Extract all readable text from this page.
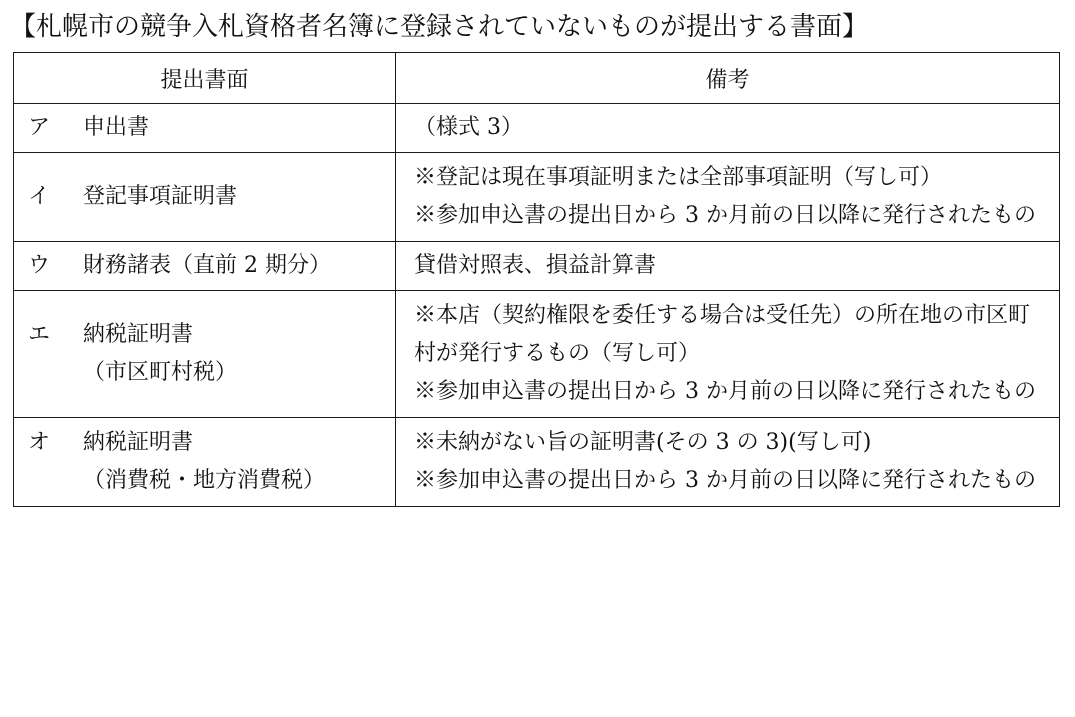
【札幌市の競争入札資格者名簿に登録されていないものが提出する書面】
提出書面	備考

ア 申出書	（様式 3）

イ 登記事項証明書	※登記は現在事項証明または全部事項証明（写し可）
※参加申込書の提出日から 3 か月前の日以降に発行されたもの

ウ 財務諸表（直前 2 期分）	貸借対照表、損益計算書

エ 納税証明書
（市区町村税）	※本店（契約権限を委任する場合は受任先）の所在地の市区町村が発行するもの（写し可）
※参加申込書の提出日から 3 か月前の日以降に発行されたもの

オ 納税証明書
（消費税・地方消費税）	※未納がない旨の証明書(その 3 の 3)(写し可)
※参加申込書の提出日から 3 か月前の日以降に発行されたもの
